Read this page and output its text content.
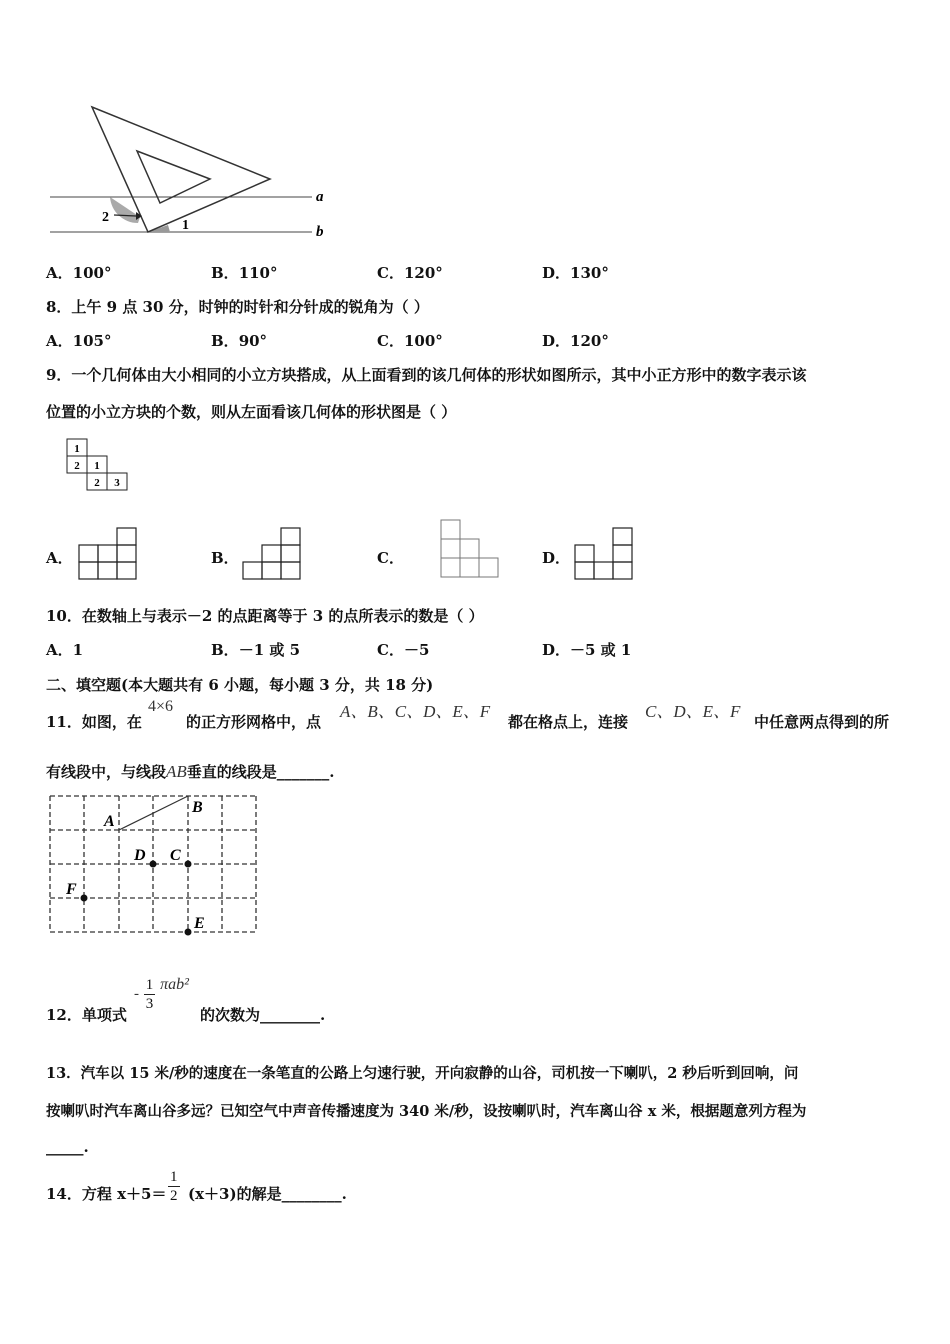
a
b
2
1
A．100°	B．110°	C．120°	D．130°
8．上午 9 点 30 分，时钟的时针和分针成的锐角为（ ）
A．105°	B．90°	C．100°	D．120°
9．一个几何体由大小相同的小立方块搭成，从上面看到的该几何体的形状如图所示，其中小正方形中的数字表示该
位置的小立方块的个数，则从左面看该几何体的形状图是（ ）
1
2 1
2 3
A．	B．	C．	D．
10．在数轴上与表示－2 的点距离等于 3 的点所表示的数是（ ）
A．1	B．－1 或 5	C．－5	D．－5 或 1
二、填空题(本大题共有 6 小题，每小题 3 分，共 18 分)
11．如图，在
4×6
的正方形网格中，点
A、B、C、D、E、F
都在格点上，连接
C、D、E、F
中任意两点得到的所
有线段中，与线段AB垂直的线段是_______.
A
B
D C
F
E
12．单项式
- $\frac{1}{3} \pi ab^2$
的次数为________.
13．汽车以 15 米/秒的速度在一条笔直的公路上匀速行驶，开向寂静的山谷，司机按一下喇叭，2 秒后听到回响，问
按喇叭时汽车离山谷多远？已知空气中声音传播速度为 340 米/秒，设按喇叭时，汽车离山谷 x 米，根据题意列方程为
_____.
14．方程 $x+5= \frac{1}{2} (x+3)$的解是________.
